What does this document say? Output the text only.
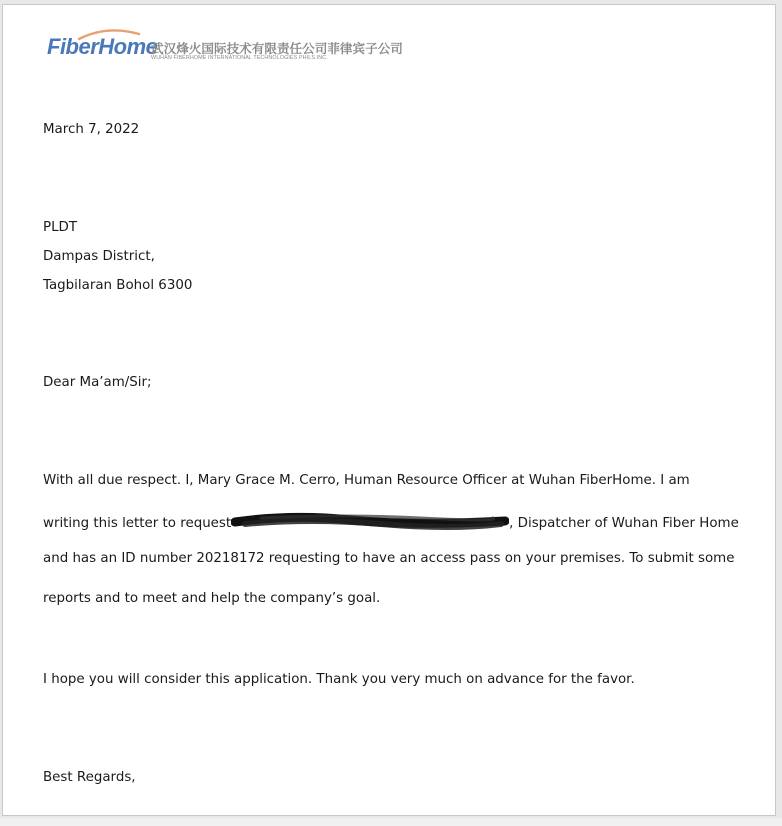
FiberHome
武汉烽火国际技术有限责任公司菲律宾子公司
WUHAN FIBERHOME INTERNATIONAL TECHNOLOGIES PHILS.INC.
March 7, 2022
PLDT
Dampas District,
Tagbilaran Bohol 6300
Dear Ma’am/Sir;
With all due respect. I, Mary Grace M. Cerro, Human Resource Officer at Wuhan FiberHome. I am
writing this letter to request	, Dispatcher of Wuhan Fiber Home
and has an ID number 20218172 requesting to have an access pass on your premises. To submit some
reports and to meet and help the company’s goal.
I hope you will consider this application. Thank you very much on advance for the favor.
Best Regards,
